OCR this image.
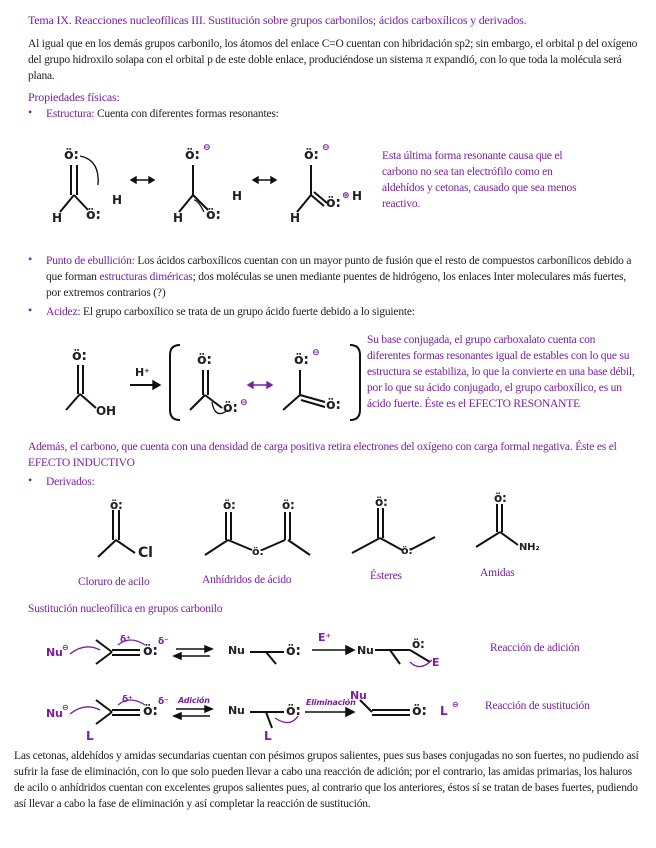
Tema IX. Reacciones nucleofílicas III. Sustitución sobre grupos carbonilos; ácidos carboxílicos y derivados.
Al igual que en los demás grupos carbonilo, los átomos del enlace C=O cuentan con hibridación sp2; sin embargo, el orbital p del oxígeno del grupo hidroxilo solapa con el orbital p de este doble enlace, produciéndose un sistema π expandió, con lo que toda la molécula será plana.
Propiedades físicas:
• Estructura: Cuenta con diferentes formas resonantes:
ö:
H ö:
H
ö: ⊖
H ö:
H
ö: ⊖
H
ö: ⊕ H
Esta última forma resonante causa que el carbono no sea tan electrófilo como en aldehídos y cetonas, causado que sea menos reactivo.
• Punto de ebullición: Los ácidos carboxílicos cuentan con un mayor punto de fusión que el resto de compuestos carbonílicos debido a que forman estructuras diméricas; dos moléculas se unen mediante puentes de hidrógeno, los enlaces Inter moleculares más fuertes, por extremos contrarios (?)
• Acidez: El grupo carboxílico se trata de un grupo ácido fuerte debido a lo siguiente:
ö:
OH
H⁺
ö:
ö: ⊖
ö: ⊖
ö:
Su base conjugada, el grupo carboxalato cuenta con diferentes formas resonantes igual de estables con lo que su estructura se estabiliza, lo que la convierte en una base débil, por lo que su ácido conjugado, el grupo carboxílico, es un ácido fuerte. Éste es el EFECTO RESONANTE
Además, el carbono, que cuenta con una densidad de carga positiva retira electrones del oxígeno con carga formal negativa. Éste es el EFECTO INDUCTIVO
• Derivados:
ö:
Cl
ö:
ö:
ö:	ö:
ö:
ö:
NH₂
Cloruro de acilo	Anhídridos de ácido	Ésteres	Amidas
Sustitución nucleofílica en grupos carbonilo
Nu ⊖
δ⁺
ö:
δ⁻
Nu	ö:
E⁺
Nu	ö:
E
Reacción de adición
Nu ⊖
δ⁺
ö:
δ⁻
L
Adición
Nu	ö:
L
Eliminación
Nu
ö: L ⊖ Reacción de sustitución
Las cetonas, aldehídos y amidas secundarias cuentan con pésimos grupos salientes, pues sus bases conjugadas no son fuertes, no pudiendo así sufrir la fase de eliminación, con lo que solo pueden llevar a cabo una reacción de adición; por el contrario, las amidas primarias, los haluros de acilo o anhídridos cuentan con excelentes grupos salientes pues, al contrario que los anteriores, éstos sí se tratan de bases fuertes, pudiendo así llevar a cabo la fase de eliminación y así completar la reacción de sustitución.
